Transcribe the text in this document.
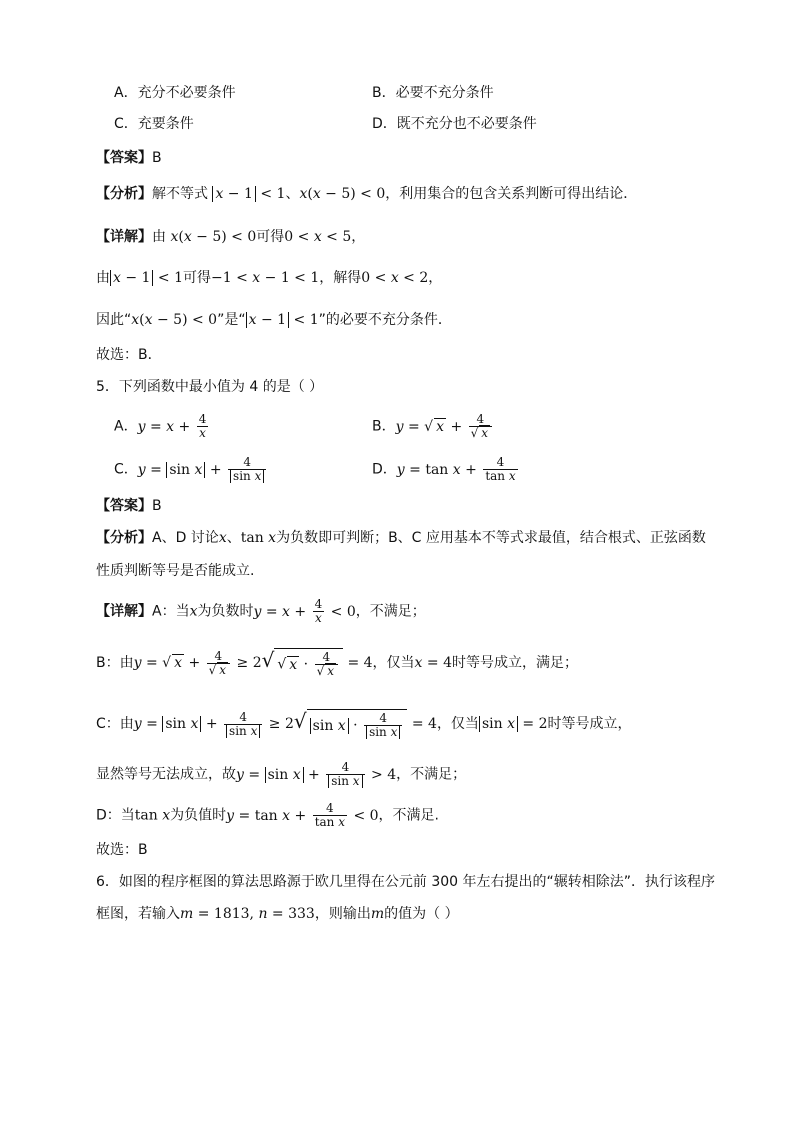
A．充分不必要条件	B．必要不充分条件
C．充要条件	D．既不充分也不必要条件
【答案】B
【分析】解不等式 x − 1 < 1、x(x − 5) < 0，利用集合的包含关系判断可得出结论．
【详解】由 x(x − 5) < 0可得0 < x < 5，
由 x − 1 < 1可得−1 < x − 1 < 1，解得0 < x < 2，
因此“x(x − 5) < 0”是“ x − 1 < 1”的必要不充分条件．
故选：B．
5．下列函数中最小值为 4 的是（ ）
A．$y = x + \frac{4}{x}$	B．y = √ $x + \frac{4}{√ x}$
C．$y = \sin x + \frac{4}{\text{sin x}}$	D．$y = \tan x + \frac{4}{\text{tan x}}$
【答案】B
【分析】A、D 讨论x、tan x为负数即可判断；B、C 应用基本不等式求最值，结合根式、正弦函数
性质判断等号是否能成立.
【详解】A：当x为负数时$y = x + \frac{4}{x} < 0$，不满足；
B：由y = √ $x + \frac{4}{√ x} \ge 2√$ √ $x \cdot \frac{4}{√ x} = 4$，仅当x = 4时等号成立，满足；
C：由$y = \sin x + \frac{4}{\text{sin x}} \ge 2√$ $\sin x \cdot \frac{4}{\text{sin x}} = 4$，仅当 sin x = 2时等号成立，
显然等号无法成立，故$y = \sin x + \frac{4}{\text{sin x}} > 4$，不满足；
D：当tan x为负值时$y = \tan x + \frac{4}{\text{tan x}} < 0$，不满足.
故选：B
6．如图的程序框图的算法思路源于欧几里得在公元前 300 年左右提出的“辗转相除法”．执行该程序
框图，若输入m = 1813, n = 333，则输出m的值为（ ）
